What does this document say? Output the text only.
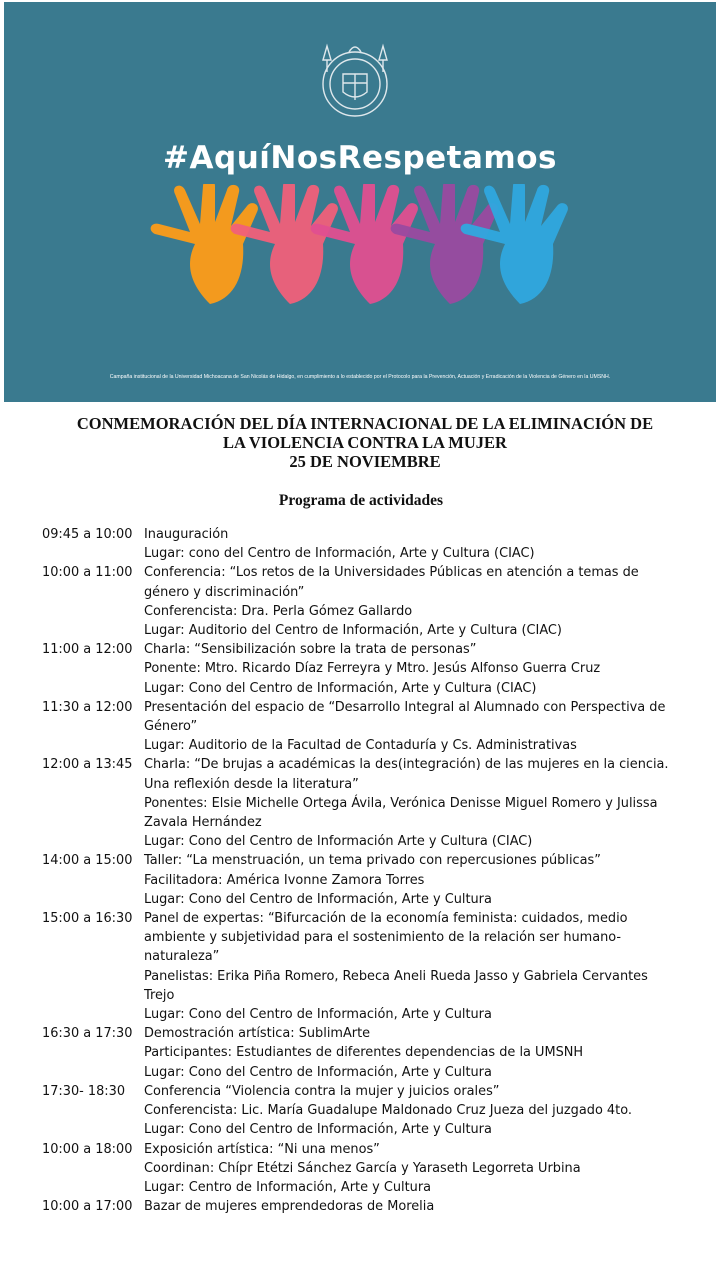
#AquíNosRespetamos
Campaña institucional de la Universidad Michoacana de San Nicolás de Hidalgo, en cumplimiento a lo establecido por el Protocolo para la Prevención, Actuación y Erradicación de la Violencia de Género en la UMSNH.
CONMEMORACIÓN DEL DÍA INTERNACIONAL DE LA ELIMINACIÓN DE
LA VIOLENCIA CONTRA LA MUJER
25 DE NOVIEMBRE
Programa de actividades
09:45 a 10:00 Inauguración
Lugar: cono del Centro de Información, Arte y Cultura (CIAC)
10:00 a 11:00 Conferencia: “Los retos de la Universidades Públicas en atención a temas de
género y discriminación”
Conferencista: Dra. Perla Gómez Gallardo
Lugar: Auditorio del Centro de Información, Arte y Cultura (CIAC)
11:00 a 12:00 Charla: “Sensibilización sobre la trata de personas”
Ponente: Mtro. Ricardo Díaz Ferreyra y Mtro. Jesús Alfonso Guerra Cruz
Lugar: Cono del Centro de Información, Arte y Cultura (CIAC)
11:30 a 12:00 Presentación del espacio de “Desarrollo Integral al Alumnado con Perspectiva de
Género”
Lugar: Auditorio de la Facultad de Contaduría y Cs. Administrativas
12:00 a 13:45 Charla: “De brujas a académicas la des(integración) de las mujeres en la ciencia.
Una reflexión desde la literatura”
Ponentes: Elsie Michelle Ortega Ávila, Verónica Denisse Miguel Romero y Julissa
Zavala Hernández
Lugar: Cono del Centro de Información Arte y Cultura (CIAC)
14:00 a 15:00 Taller: “La menstruación, un tema privado con repercusiones públicas”
Facilitadora: América Ivonne Zamora Torres
Lugar: Cono del Centro de Información, Arte y Cultura
15:00 a 16:30 Panel de expertas: “Bifurcación de la economía feminista: cuidados, medio
ambiente y subjetividad para el sostenimiento de la relación ser humano-
naturaleza”
Panelistas: Erika Piña Romero, Rebeca Aneli Rueda Jasso y Gabriela Cervantes
Trejo
Lugar: Cono del Centro de Información, Arte y Cultura
16:30 a 17:30 Demostración artística: SublimArte
Participantes: Estudiantes de diferentes dependencias de la UMSNH
Lugar: Cono del Centro de Información, Arte y Cultura
17:30- 18:30	Conferencia “Violencia contra la mujer y juicios orales”
Conferencista: Lic. María Guadalupe Maldonado Cruz Jueza del juzgado 4to.
Lugar: Cono del Centro de Información, Arte y Cultura
10:00 a 18:00 Exposición artística: “Ni una menos”
Coordinan: Chípr Etétzi Sánchez García y Yaraseth Legorreta Urbina
Lugar: Centro de Información, Arte y Cultura
10:00 a 17:00 Bazar de mujeres emprendedoras de Morelia
